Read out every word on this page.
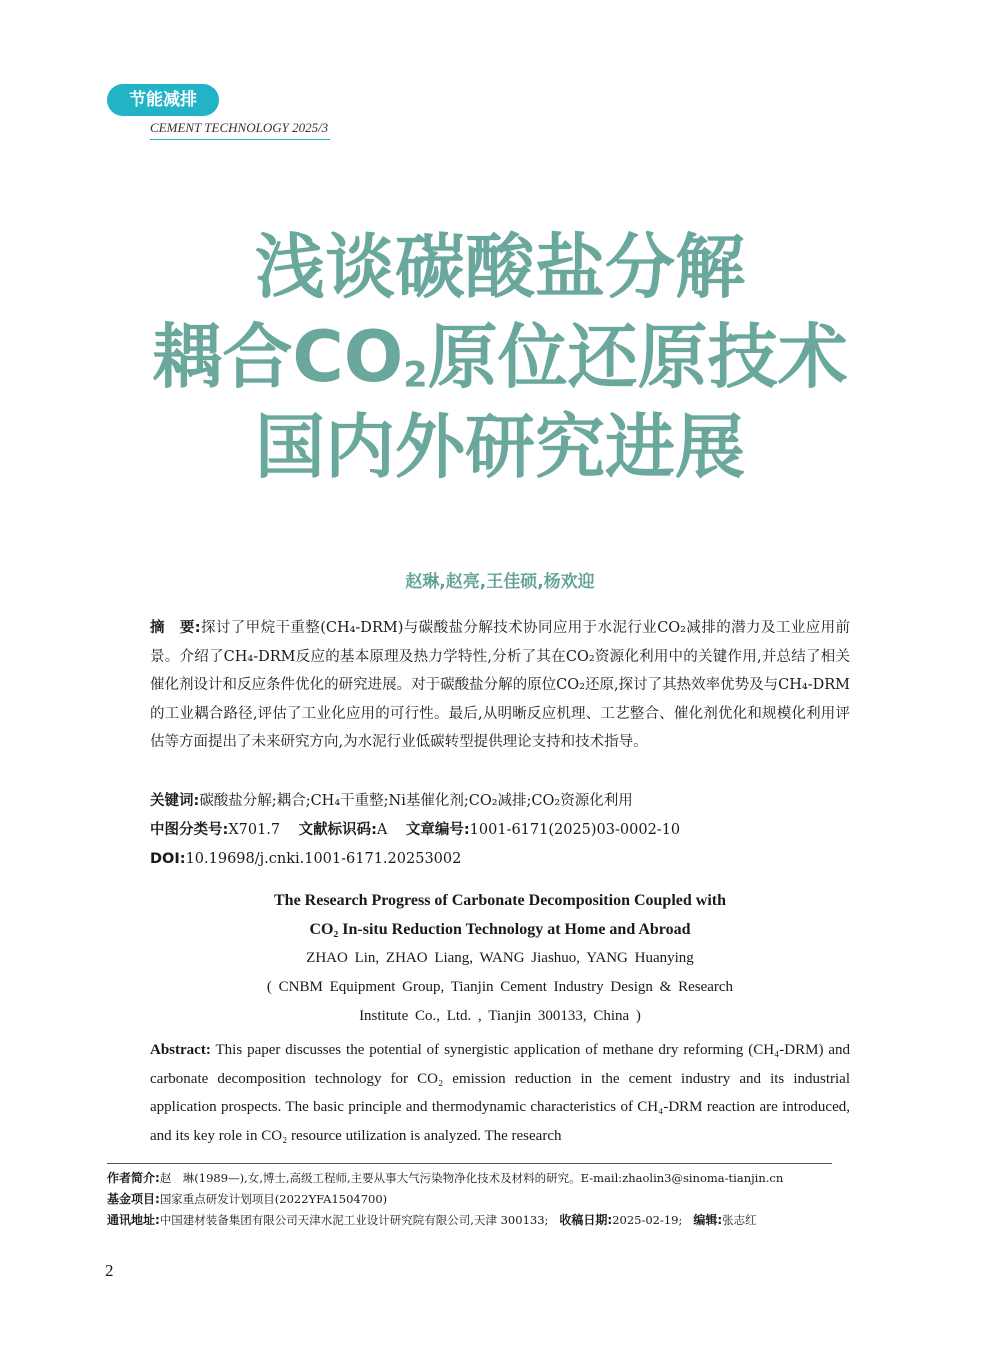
节能减排
CEMENT TECHNOLOGY 2025/3
浅谈碳酸盐分解
耦合CO2原位还原技术
国内外研究进展
赵琳,赵亮,王佳硕,杨欢迎
摘　要:探讨了甲烷干重整(CH₄-DRM)与碳酸盐分解技术协同应用于水泥行业CO₂减排的潜力及工业应用前景。介绍了CH₄-DRM反应的基本原理及热力学特性,分析了其在CO₂资源化利用中的关键作用,并总结了相关催化剂设计和反应条件优化的研究进展。对于碳酸盐分解的原位CO₂还原,探讨了其热效率优势及与CH₄-DRM的工业耦合路径,评估了工业化应用的可行性。最后,从明晰反应机理、工艺整合、催化剂优化和规模化利用评估等方面提出了未来研究方向,为水泥行业低碳转型提供理论支持和技术指导。
关键词:碳酸盐分解;耦合;CH₄干重整;Ni基催化剂;CO₂减排;CO₂资源化利用
中图分类号:X701.7 文献标识码:A 文章编号:1001-6171(2025)03-0002-10
DOI:10.19698/j.cnki.1001-6171.20253002
The Research Progress of Carbonate Decomposition Coupled with
CO₂ In-situ Reduction Technology at Home and Abroad
ZHAO Lin, ZHAO Liang, WANG Jiashuo, YANG Huanying
( CNBM Equipment Group, Tianjin Cement Industry Design & Research
Institute Co., Ltd. , Tianjin 300133, China )
Abstract: This paper discusses the potential of synergistic application of methane dry reforming (CH₄-DRM) and carbonate decomposition technology for CO₂ emission reduction in the cement industry and its industrial application prospects. The basic principle and thermodynamic characteristics of CH₄-DRM reaction are introduced, and its key role in CO₂ resource utilization is analyzed. The research
作者简介:赵　琳(1989—),女,博士,高级工程师,主要从事大气污染物净化技术及材料的研究。E-mail:zhaolin3@sinoma-tianjin.cn
基金项目:国家重点研发计划项目(2022YFA1504700)
通讯地址:中国建材装备集团有限公司天津水泥工业设计研究院有限公司,天津 300133; 收稿日期:2025-02-19; 编辑:张志红
2
